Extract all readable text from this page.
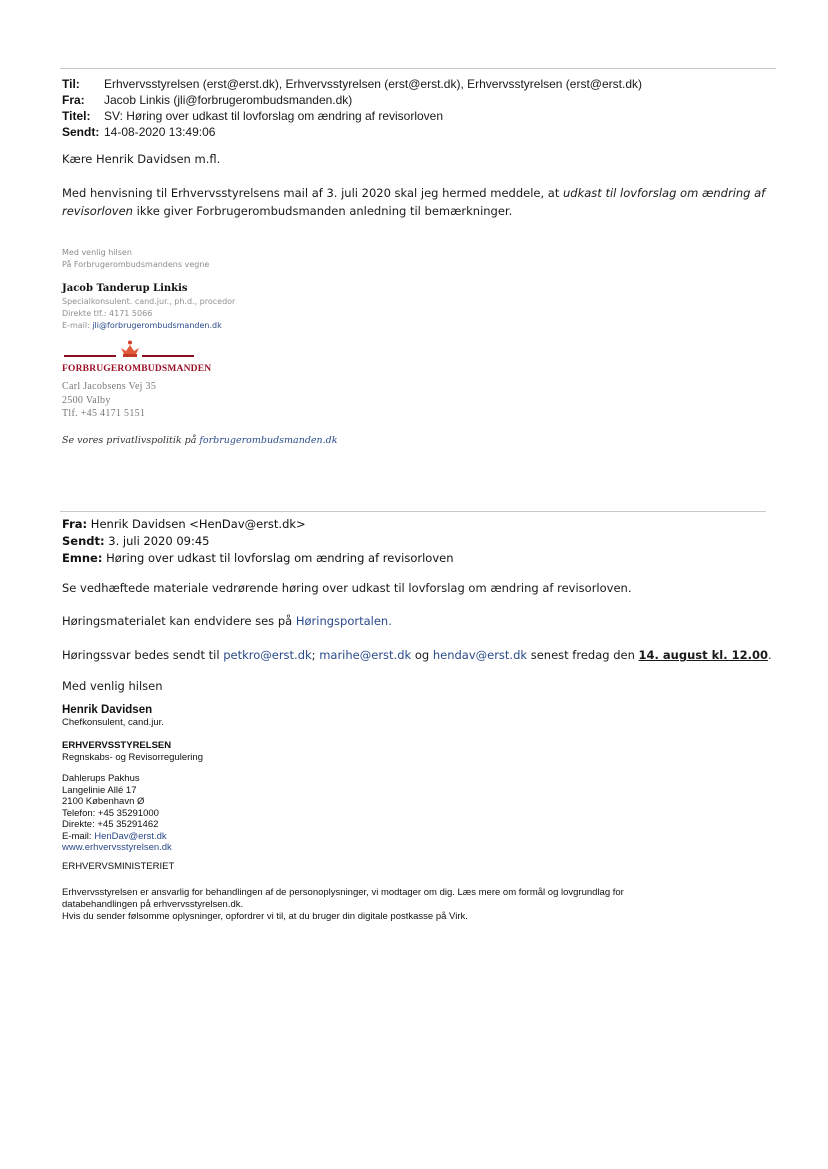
Til: Erhvervsstyrelsen (erst@erst.dk), Erhvervsstyrelsen (erst@erst.dk), Erhvervsstyrelsen (erst@erst.dk)
Fra: Jacob Linkis (jli@forbrugerombudsmanden.dk)
Titel: SV: Høring over udkast til lovforslag om ændring af revisorloven
Sendt: 14-08-2020 13:49:06
Kære Henrik Davidsen m.fl.
Med henvisning til Erhvervsstyrelsens mail af 3. juli 2020 skal jeg hermed meddele, at udkast til lovforslag om ændring af
revisorloven ikke giver Forbrugerombudsmanden anledning til bemærkninger.
Med venlig hilsen
På Forbrugerombudsmandens vegne
Jacob Tanderup Linkis
Specialkonsulent. cand.jur., ph.d., procedor
Direkte tlf.: 4171 5066
E-mail: jli@forbrugerombudsmanden.dk
FORBRUGEROMBUDSMANDEN
Carl Jacobsens Vej 35
2500 Valby
Tlf. +45 4171 5151
Se vores privatlivspolitik på forbrugerombudsmanden.dk
Fra: Henrik Davidsen <HenDav@erst.dk>
Sendt: 3. juli 2020 09:45
Emne: Høring over udkast til lovforslag om ændring af revisorloven
Se vedhæftede materiale vedrørende høring over udkast til lovforslag om ændring af revisorloven.
Høringsmaterialet kan endvidere ses på Høringsportalen.
Høringssvar bedes sendt til petkro@erst.dk; marihe@erst.dk og hendav@erst.dk senest fredag den 14. august kl. 12.00.
Med venlig hilsen
Henrik Davidsen
Chefkonsulent, cand.jur.
ERHVERVSSTYRELSEN
Regnskabs- og Revisorregulering
Dahlerups Pakhus
Langelinie Allé 17
2100 København Ø
Telefon: +45 35291000
Direkte: +45 35291462
E-mail: HenDav@erst.dk
www.erhvervsstyrelsen.dk
ERHVERVSMINISTERIET
Erhvervsstyrelsen er ansvarlig for behandlingen af de personoplysninger, vi modtager om dig. Læs mere om formål og lovgrundlag for
databehandlingen på erhvervsstyrelsen.dk.
Hvis du sender følsomme oplysninger, opfordrer vi til, at du bruger din digitale postkasse på Virk.
